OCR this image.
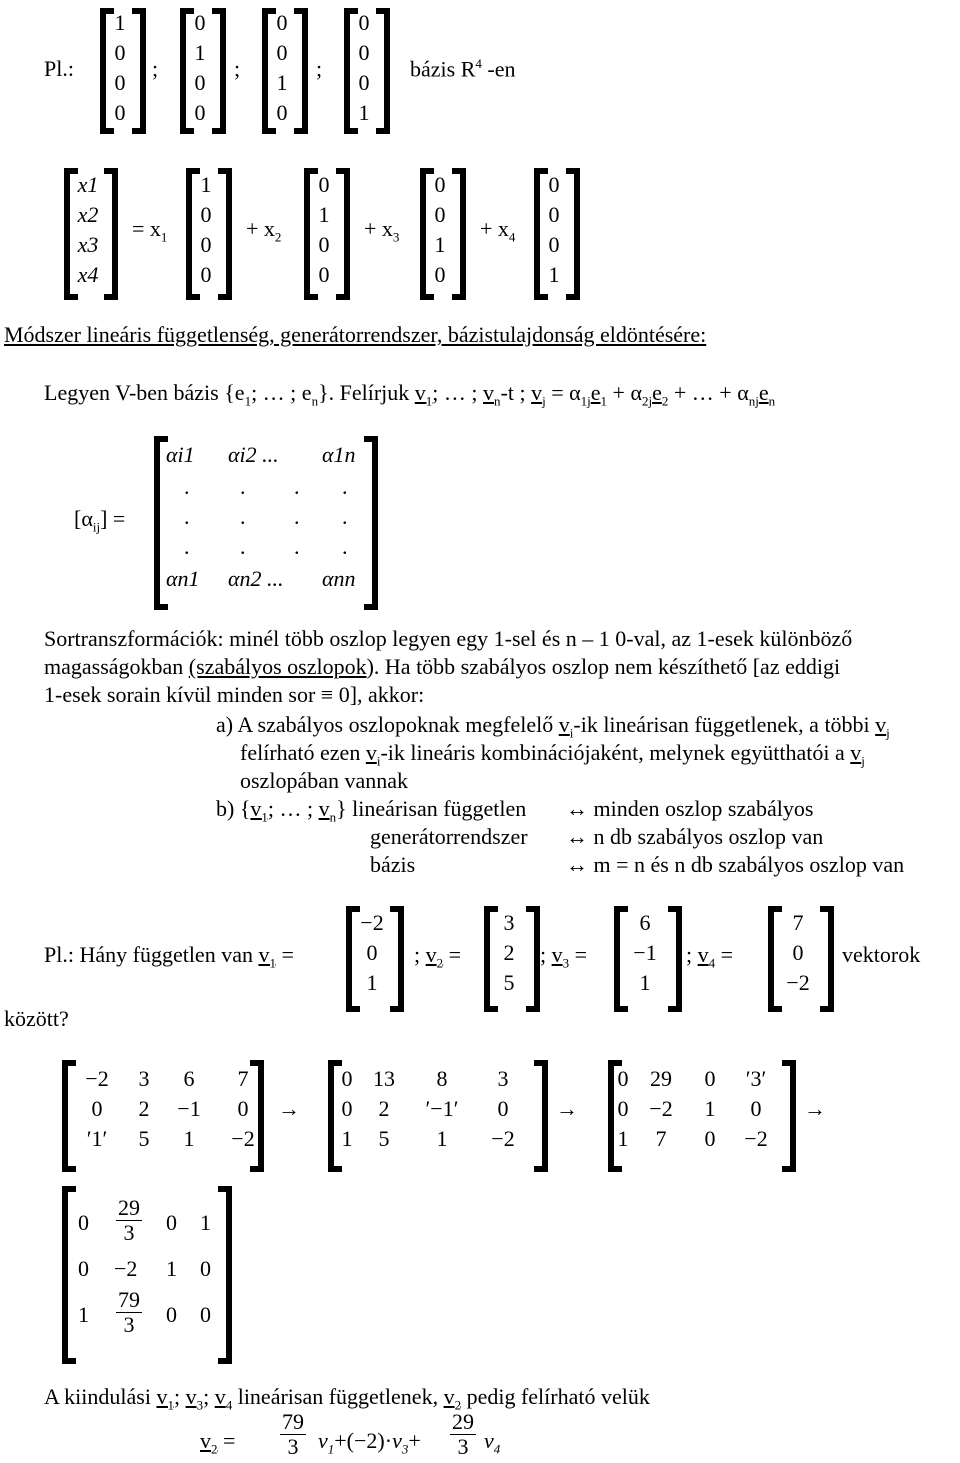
Pl.:
1
0
0
0
;
0
1
0
0
;
0
0
1
0
;
0
0
0
1
bázis $R^4$ -en
x1
x2
x3
x4
= $x_1$
1
0
0
0
+ $x_2$
0
1
0
0
+ $x_3$
0
0
1
0
+ $x_4$
0
0
0
1
Módszer lineáris függetlenség, generátorrendszer, bázistulajdonság eldöntésére:
Legyen V-ben bázis {$e_1$; … ; $e_n$}. Felírjuk $v_1$; … ; $v_n-t$ ; $v_j = \alpha_{1j}e_1 + \alpha_{2j}e_2$ + … + $\alpha_{nj}e_n$
$[\alpha_{ij}]$ =
αi1 αi2 ... α1n
. . . .
. . . .
. . . .
αn1 αn2 ... αnn
Sortranszformációk: minél több oszlop legyen egy 1-sel és n – 1 0-val, az 1-esek különböző
magasságokban (szabályos oszlopok). Ha több szabályos oszlop nem készíthető [az eddigi
1-esek sorain kívül minden sor ≡ 0], akkor:
a) A szabályos oszlopoknak megfelelő $v_i-ik$ lineárisan függetlenek, a többi $v_j$
felírható ezen $v_i-ik$ lineáris kombinációjaként, melynek együtthatói a $v_j$
oszlopában vannak
b) {$v_1$; … ; $v_n$} lineárisan független ↔ minden oszlop szabályos
generátorrendszer ↔ n db szabályos oszlop van
bázis	↔ m = n és n db szabályos oszlop van
Pl.: Hány független van $v_1$ =
−2
0
1
; $v_2$ =
3
2
5
; $v_3$ =
6
−1
1
; $v_4$ =
7
0
−2
vektorok
között?
−2	3	6	7
0	2	−1	0
′1′	5	1	−2
→
0 13	8	3
0	2	′−1′	0
1	5	1	−2
→
0 29	0	′3′
0 −2	1	0
1	7	0	−2
→
$0 \frac{29}{3} 0$ 1
0 −2 1 0
$1 \frac{79}{3} 0$ 0
A kiindulási $v_1$; $v_3$; $v_4$ lineárisan függetlenek, $v_2$ pedig felírható velük
$v_2 = \frac{79}{3} v_1+(-2)\cdot v_3+ \frac{29}{3} v_4$
